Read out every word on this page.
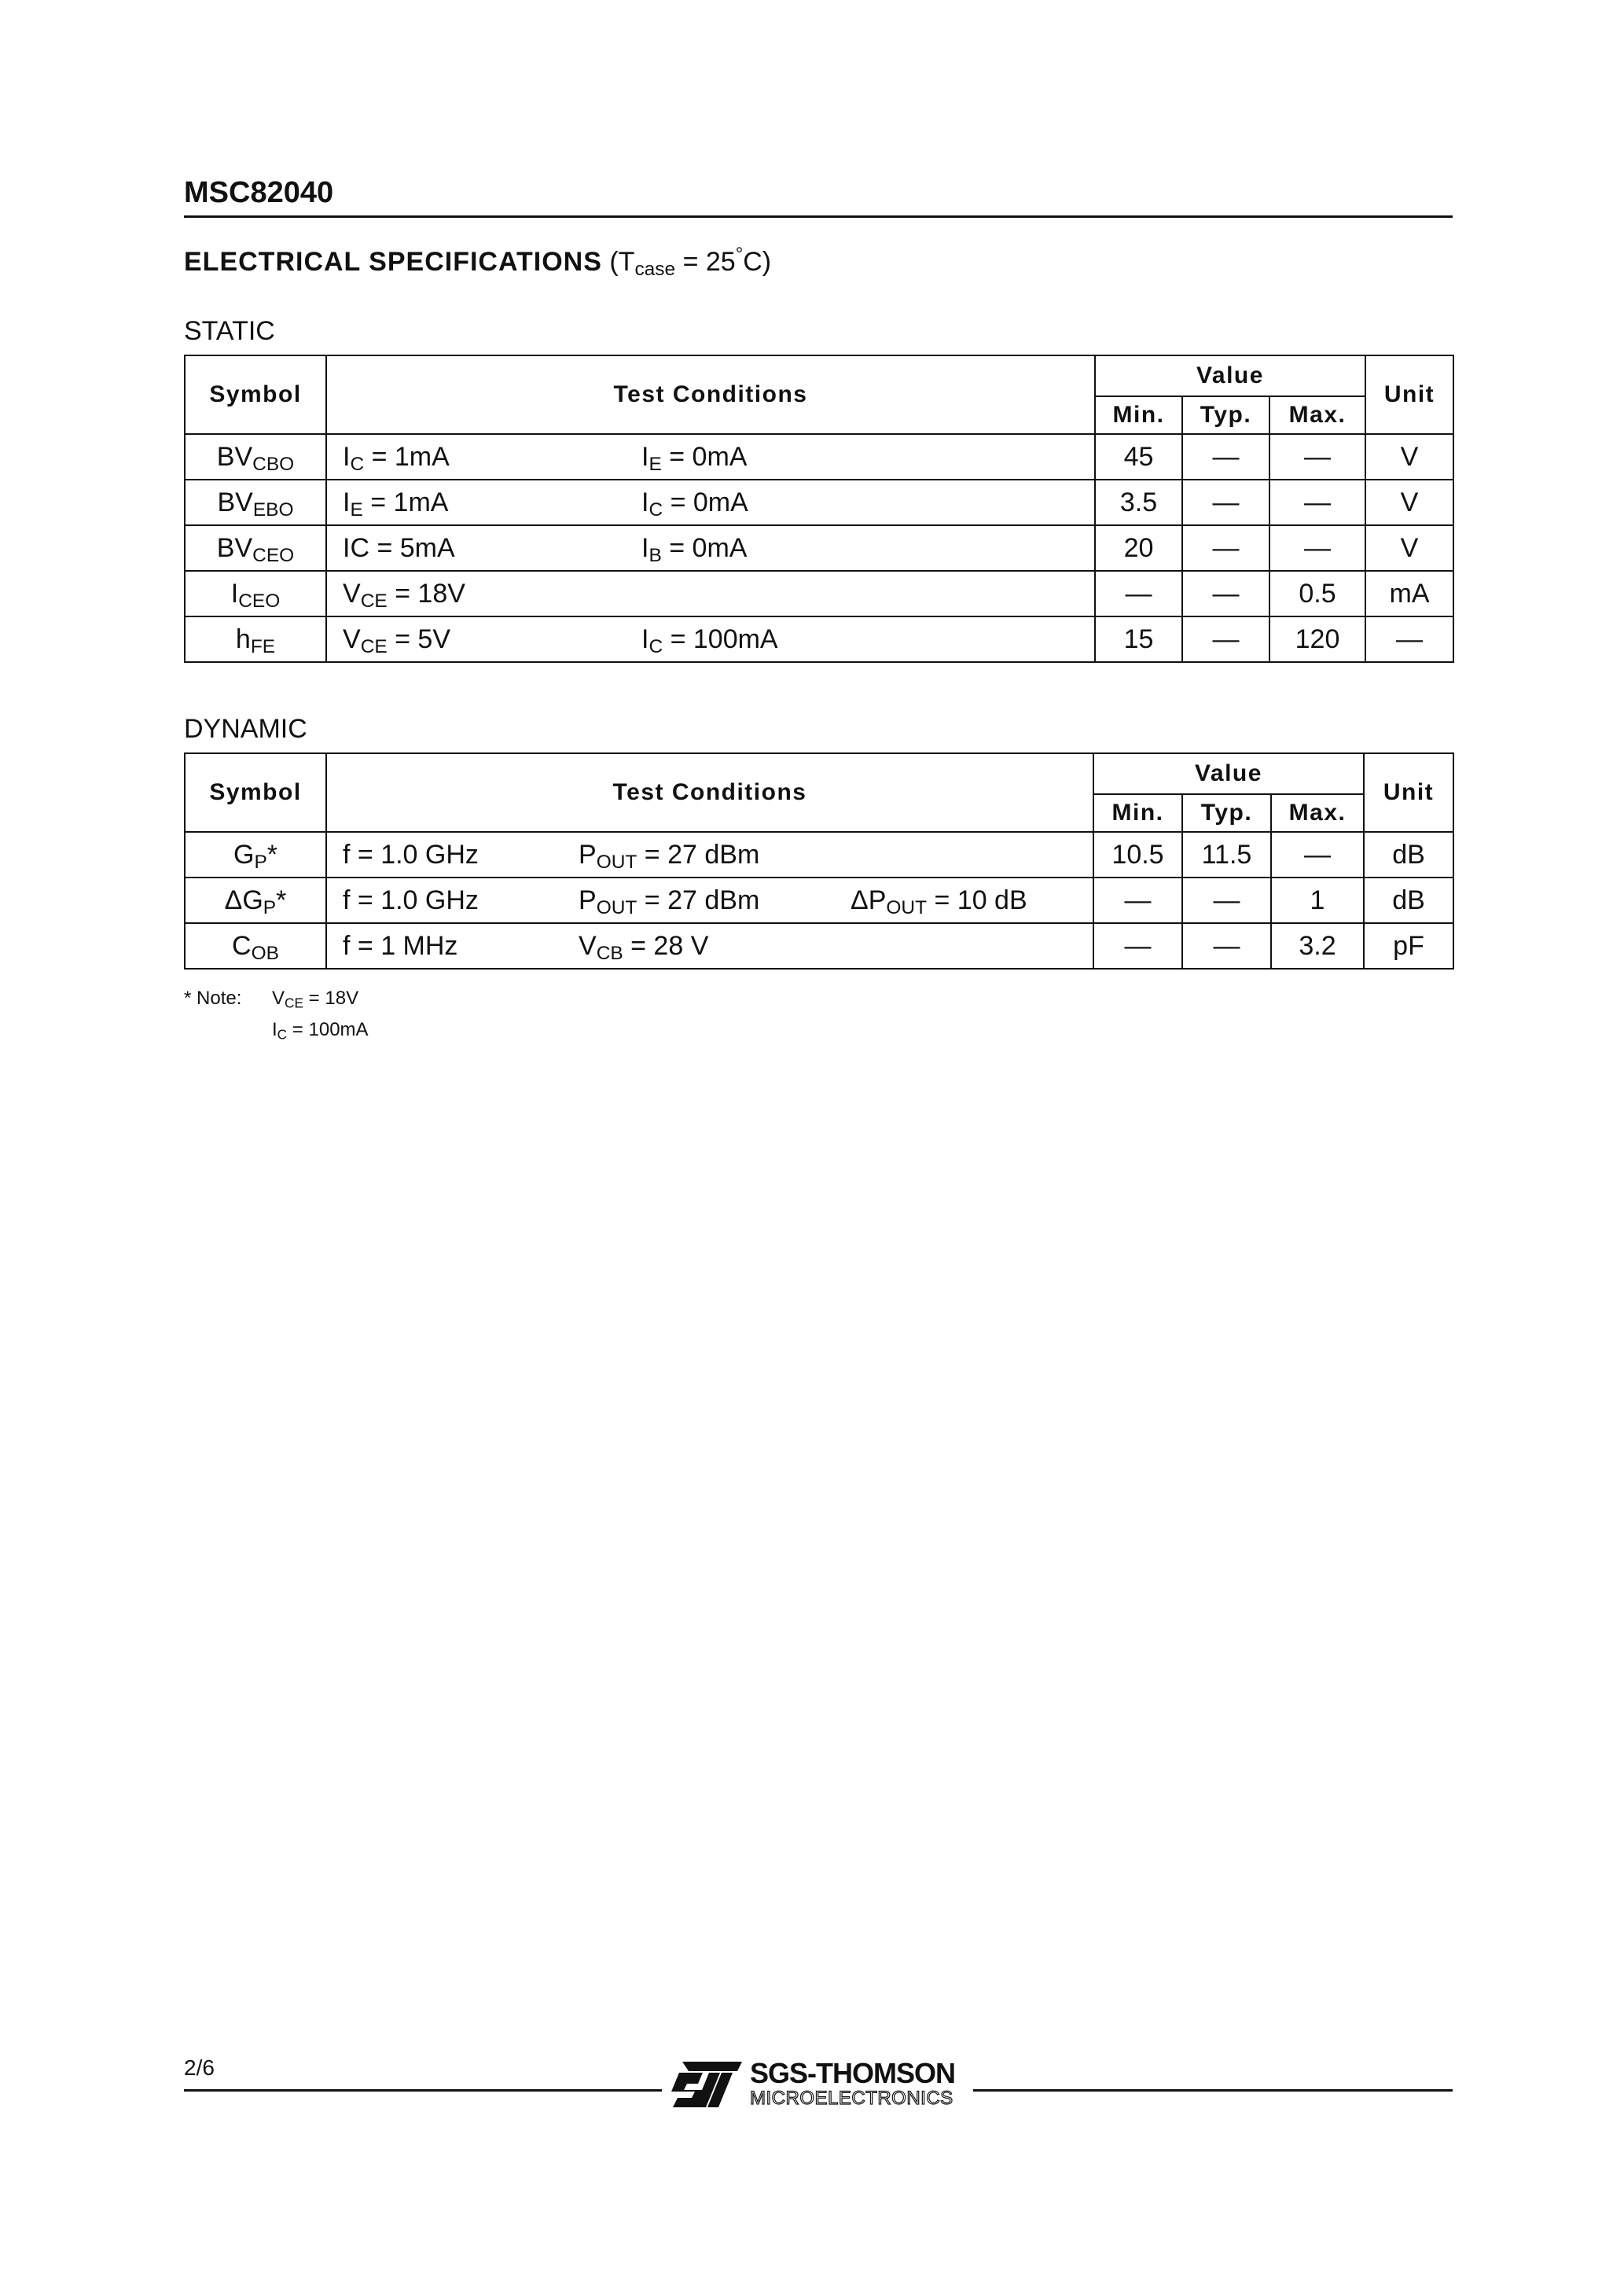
MSC82040
ELECTRICAL SPECIFICATIONS $(T_{case} = 25^\circ C)$
STATIC
Symbol	Test Conditions	Value			Unit
		Min.	Typ.	Max.	
$BV_{CBO}$	$I_C = 1mA$ $I_E = 0mA$	45	—	—	V
$BV_{EBO}$	$I_E = 1mA$ $I_C = 0mA$	3.5	—	—	V
$BV_{CEO}$	IC = 5mA $I_B = 0mA$	20	—	—	V
$I_{CEO}$	$V_{CE} = 18V$	—	—	0.5	mA
$h_{FE}$	$V_{CE} = 5V$ $I_C = 100mA$	15	—	120	—
DYNAMIC
Symbol	Test Conditions	Value			Unit
		Min.	Typ.	Max.	
$G_P*$	f = 1.0 GHz $P_{OUT} = 27$ dBm	10.5	11.5	—	dB
$\Delta G_P*$	f = 1.0 GHz $P_{OUT} = 27$ dBm $\Delta P_{OUT} = 10$ dB	—	—	1	dB
$C_{OB}$	f = 1 MHz $V_{CB} = 28$ V	—	—	3.2	pF
* Note: $V_{CE} = 18V$
$I_C = 100mA$
2/6	SGS-THOMSON
MICROELECTRONICS
